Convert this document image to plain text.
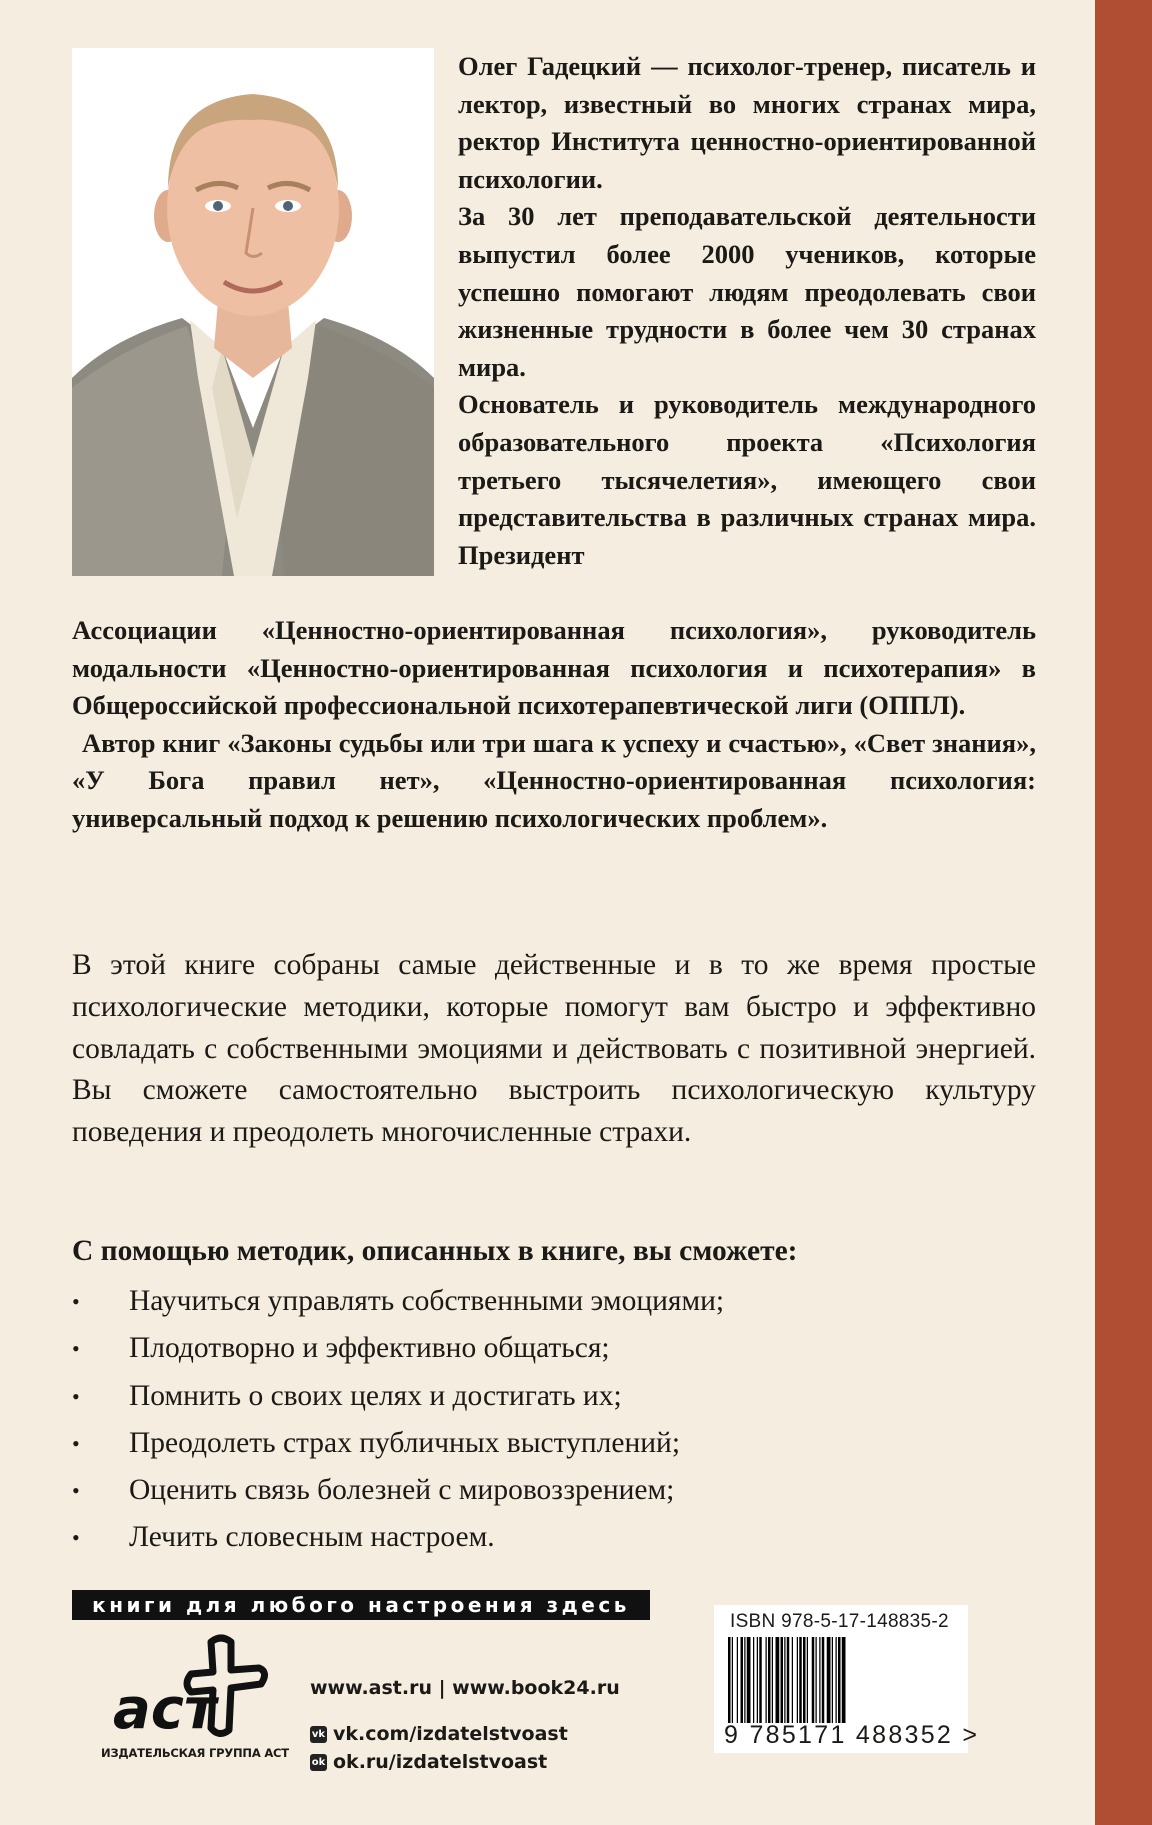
Олег Гадецкий — психолог-тренер, писатель и лектор, известный во многих странах мира, ректор Института ценностно-ориентированной психологии.

За 30 лет преподавательской деятельности выпустил более 2000 учеников, которые успешно помогают людям преодолевать свои жизненные трудности в более чем 30 странах мира.

Основатель и руководитель международного образовательного проекта «Психология третьего тысячелетия», имеющего свои представительства в различных странах мира. Президент

Ассоциации «Ценностно-ориентированная психология», руководитель модальности «Ценностно-ориентированная психология и психотерапия» в Общероссийской профессиональной психотерапевтической лиги (ОППЛ).

Автор книг «Законы судьбы или три шага к успеху и счастью», «Свет знания», «У Бога правил нет», «Ценностно-ориентированная психология: универсальный подход к решению психологических проблем».

В этой книге собраны самые действенные и в то же время простые психологические методики, которые помогут вам быстро и эффективно совладать с собственными эмоциями и действовать с позитивной энергией. Вы сможете самостоятельно выстроить психологическую культуру поведения и преодолеть многочисленные страхи.

С помощью методик, описанных в книге, вы сможете:

• Научиться управлять собственными эмоциями;
• Плодотворно и эффективно общаться;
• Помнить о своих целях и достигать их;
• Преодолеть страх публичных выступлений;
• Оценить связь болезней с мировоззрением;
• Лечить словесным настроем.
книги для любого настроения здесь
аст
ИЗДАТЕЛЬСКАЯ ГРУППА АСТ
www.ast.ru | www.book24.ru
vk vk.com/izdatelstvoast
ok ok.ru/izdatelstvoast
ISBN 978-5-17-148835-2
9 785171 488352 >
